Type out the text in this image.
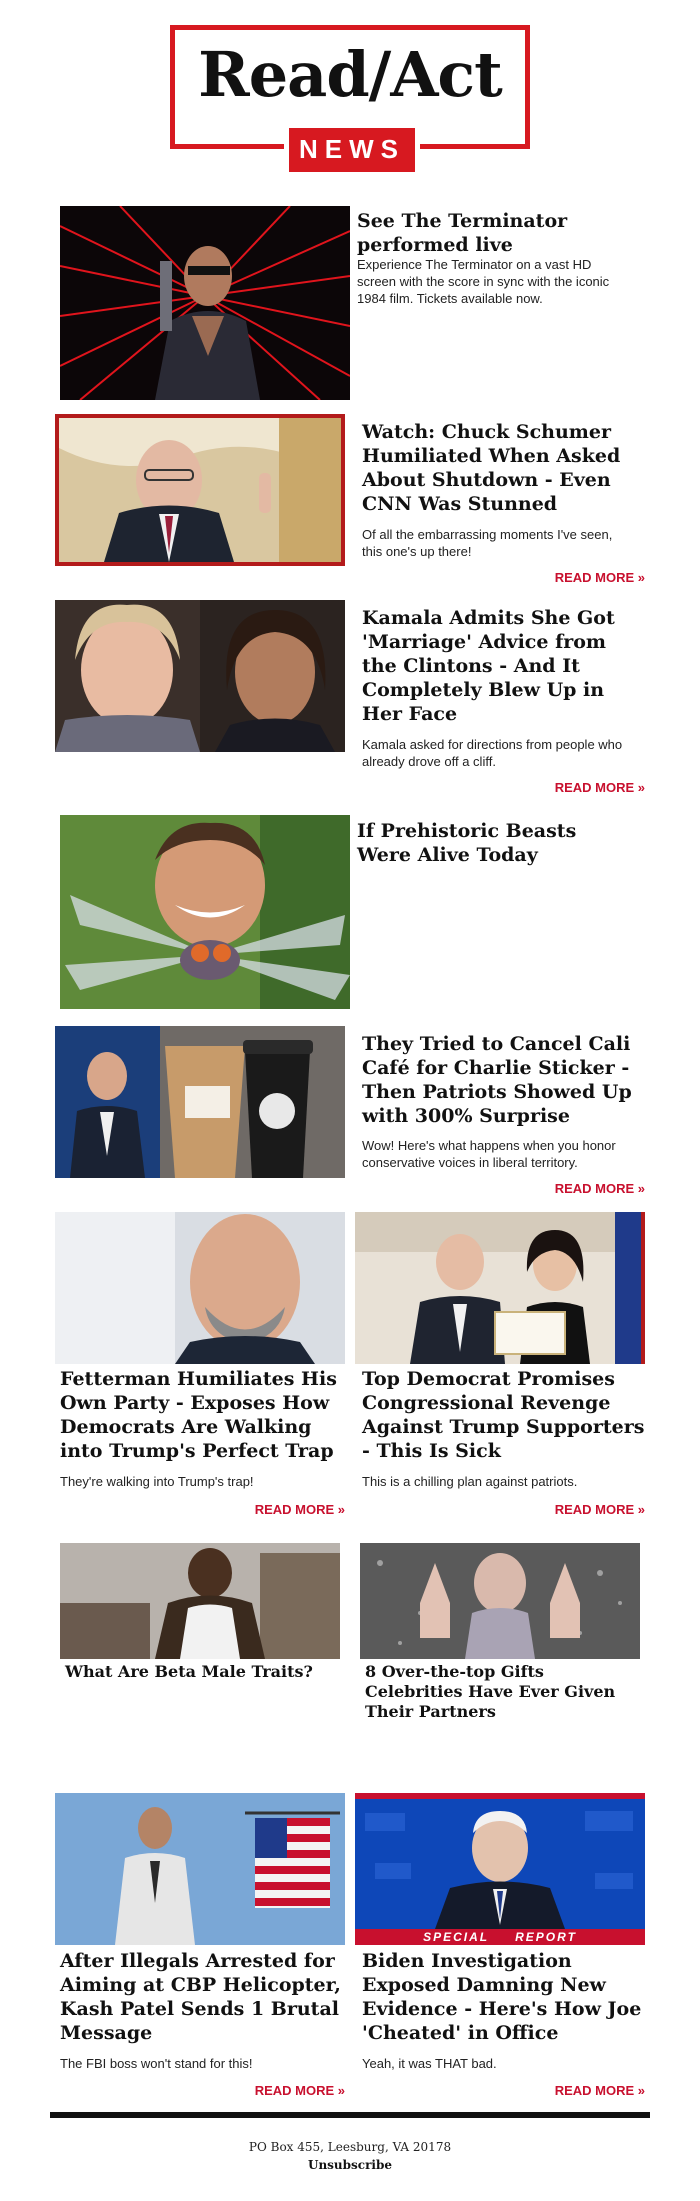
Read/Act
NEWS
See The Terminator performed live
Experience The Terminator on a vast HD screen with the score in sync with the iconic 1984 film. Tickets available now.
Watch: Chuck Schumer Humiliated When Asked About Shutdown - Even CNN Was Stunned
Of all the embarrassing moments I've seen, this one's up there!
READ MORE »
Kamala Admits She Got 'Marriage' Advice from the Clintons - And It Completely Blew Up in Her Face
Kamala asked for directions from people who already drove off a cliff.
READ MORE »
If Prehistoric Beasts Were Alive Today
They Tried to Cancel Cali Café for Charlie Sticker - Then Patriots Showed Up with 300% Surprise
Wow! Here's what happens when you honor conservative voices in liberal territory.
READ MORE »
Fetterman Humiliates His Own Party - Exposes How Democrats Are Walking into Trump's Perfect Trap
They're walking into Trump's trap!
READ MORE »
Top Democrat Promises Congressional Revenge Against Trump Supporters - This Is Sick
This is a chilling plan against patriots.
READ MORE »
What Are Beta Male Traits?	8 Over-the-top Gifts Celebrities Have Ever Given Their Partners
After Illegals Arrested for Aiming at CBP Helicopter, Kash Patel Sends 1 Brutal Message
The FBI boss won't stand for this!
READ MORE »
SPECIAL REPORT
Biden Investigation Exposed Damning New Evidence - Here's How Joe 'Cheated' in Office
Yeah, it was THAT bad.
READ MORE »
PO Box 455, Leesburg, VA 20178
Unsubscribe
